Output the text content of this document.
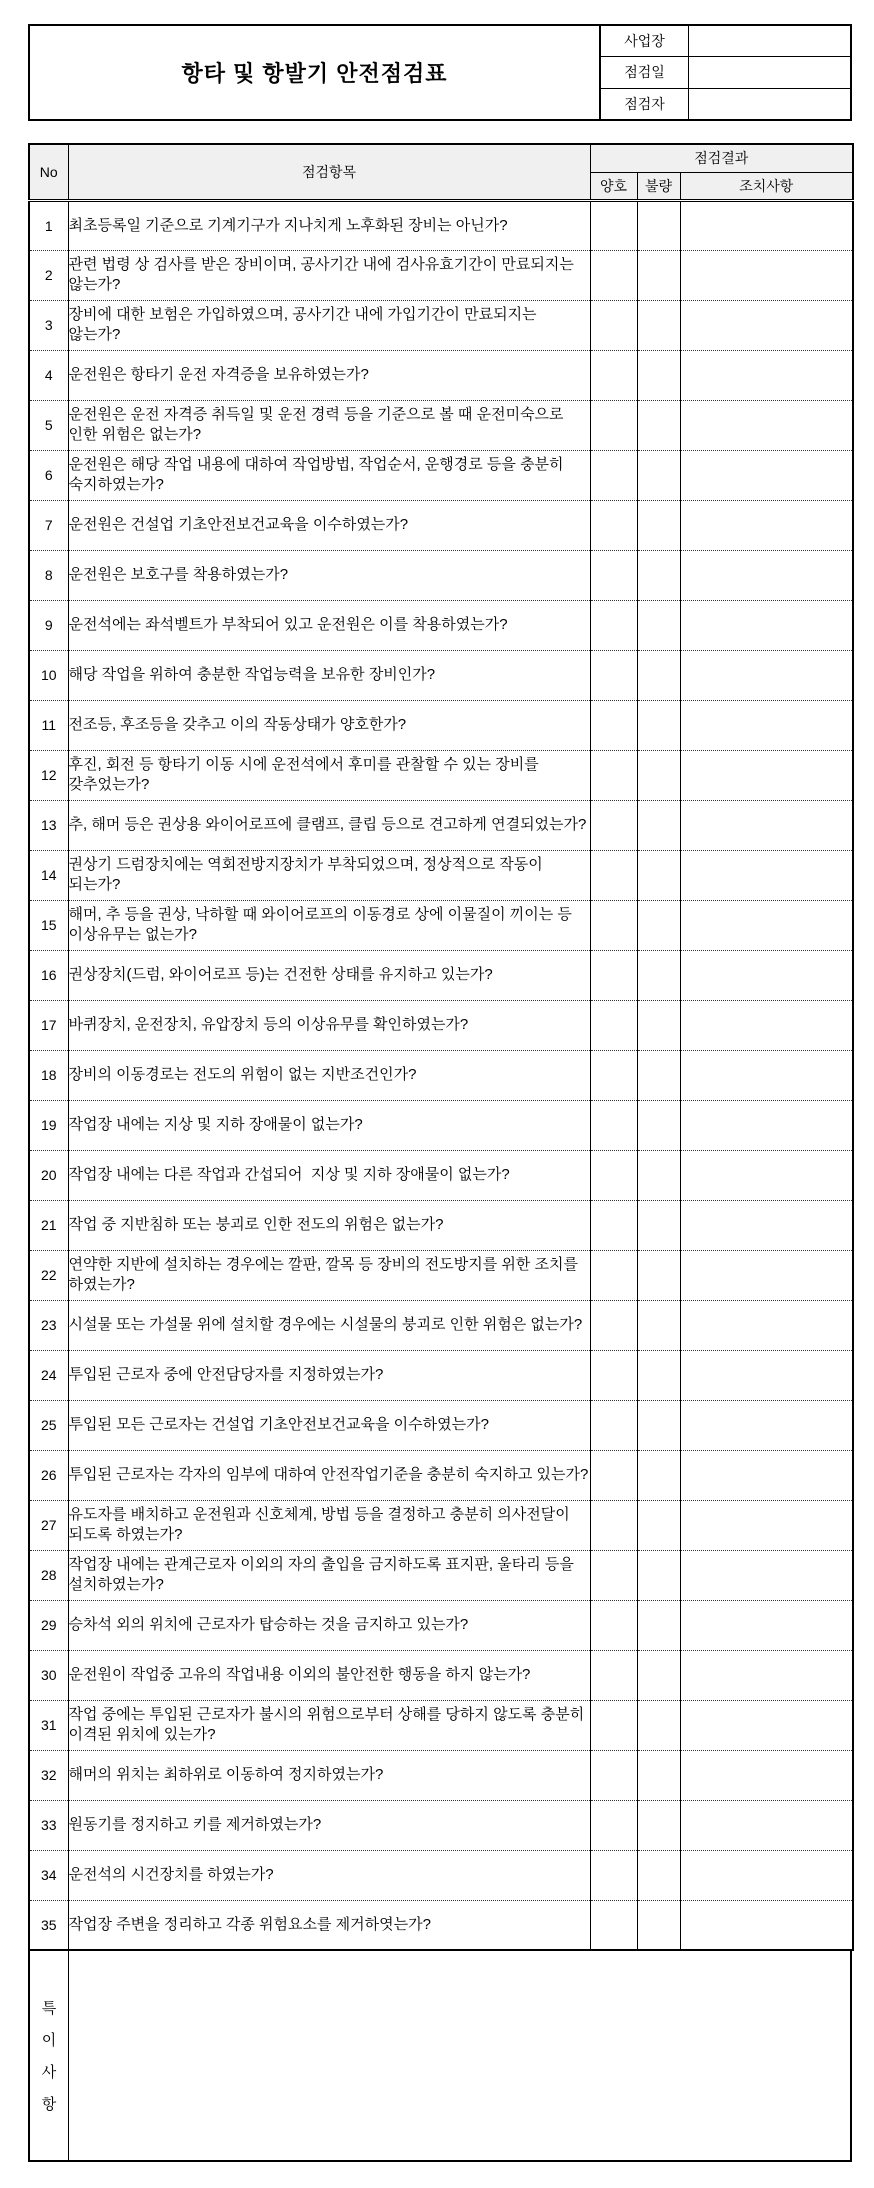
항타 및 항발기 안전점검표
사업장
점검일
점검자
No	점검항목	점검결과		
		양호	불량	조치사항
1	최초등록일 기준으로 기계기구가 지나치게 노후화된 장비는 아닌가?			
2	관련 법령 상 검사를 받은 장비이며, 공사기간 내에 검사유효기간이 만료되지는 않는가?			
3	장비에 대한 보험은 가입하였으며, 공사기간 내에 가입기간이 만료되지는 않는가?			
4	운전원은 항타기 운전 자격증을 보유하였는가?			
5	운전원은 운전 자격증 취득일 및 운전 경력 등을 기준으로 볼 때 운전미숙으로 인한 위험은 없는가?			
6	운전원은 해당 작업 내용에 대하여 작업방법, 작업순서, 운행경로 등을 충분히 숙지하였는가?			
7	운전원은 건설업 기초안전보건교육을 이수하였는가?			
8	운전원은 보호구를 착용하였는가?			
9	운전석에는 좌석벨트가 부착되어 있고 운전원은 이를 착용하였는가?			
10	해당 작업을 위하여 충분한 작업능력을 보유한 장비인가?			
11	전조등, 후조등을 갖추고 이의 작동상태가 양호한가?			
12	후진, 회전 등 항타기 이동 시에 운전석에서 후미를 관찰할 수 있는 장비를 갖추었는가?			
13	추, 해머 등은 권상용 와이어로프에 클램프, 클립 등으로 견고하게 연결되었는가?			
14	권상기 드럼장치에는 역회전방지장치가 부착되었으며, 정상적으로 작동이 되는가?			
15	해머, 추 등을 권상, 낙하할 때 와이어로프의 이동경로 상에 이물질이 끼이는 등 이상유무는 없는가?			
16	권상장치(드럼, 와이어로프 등)는 건전한 상태를 유지하고 있는가?			
17	바퀴장치, 운전장치, 유압장치 등의 이상유무를 확인하였는가?			
18	장비의 이동경로는 전도의 위험이 없는 지반조건인가?			
19	작업장 내에는 지상 및 지하 장애물이 없는가?			
20	작업장 내에는 다른 작업과 간섭되어  지상 및 지하 장애물이 없는가?			
21	작업 중 지반침하 또는 붕괴로 인한 전도의 위험은 없는가?			
22	연약한 지반에 설치하는 경우에는 깔판, 깔목 등 장비의 전도방지를 위한 조치를 하였는가?			
23	시설물 또는 가설물 위에 설치할 경우에는 시설물의 붕괴로 인한 위험은 없는가?			
24	투입된 근로자 중에 안전담당자를 지정하였는가?			
25	투입된 모든 근로자는 건설업 기초안전보건교육을 이수하였는가?			
26	투입된 근로자는 각자의 임부에 대하여 안전작업기준을 충분히 숙지하고 있는가?			
27	유도자를 배치하고 운전원과 신호체계, 방법 등을 결정하고 충분히 의사전달이 되도록 하였는가?			
28	작업장 내에는 관계근로자 이외의 자의 출입을 금지하도록 표지판, 울타리 등을 설치하였는가?			
29	승차석 외의 위치에 근로자가 탑승하는 것을 금지하고 있는가?			
30	운전원이 작업중 고유의 작업내용 이외의 불안전한 행동을 하지 않는가?			
31	작업 중에는 투입된 근로자가 불시의 위험으로부터 상해를 당하지 않도록 충분히 이격된 위치에 있는가?			
32	해머의 위치는 최하위로 이동하여 정지하였는가?			
33	원동기를 정지하고 키를 제거하였는가?			
34	운전석의 시건장치를 하였는가?			
35	작업장 주변을 정리하고 각종 위험요소를 제거하엿는가?			
특
이
사
항
